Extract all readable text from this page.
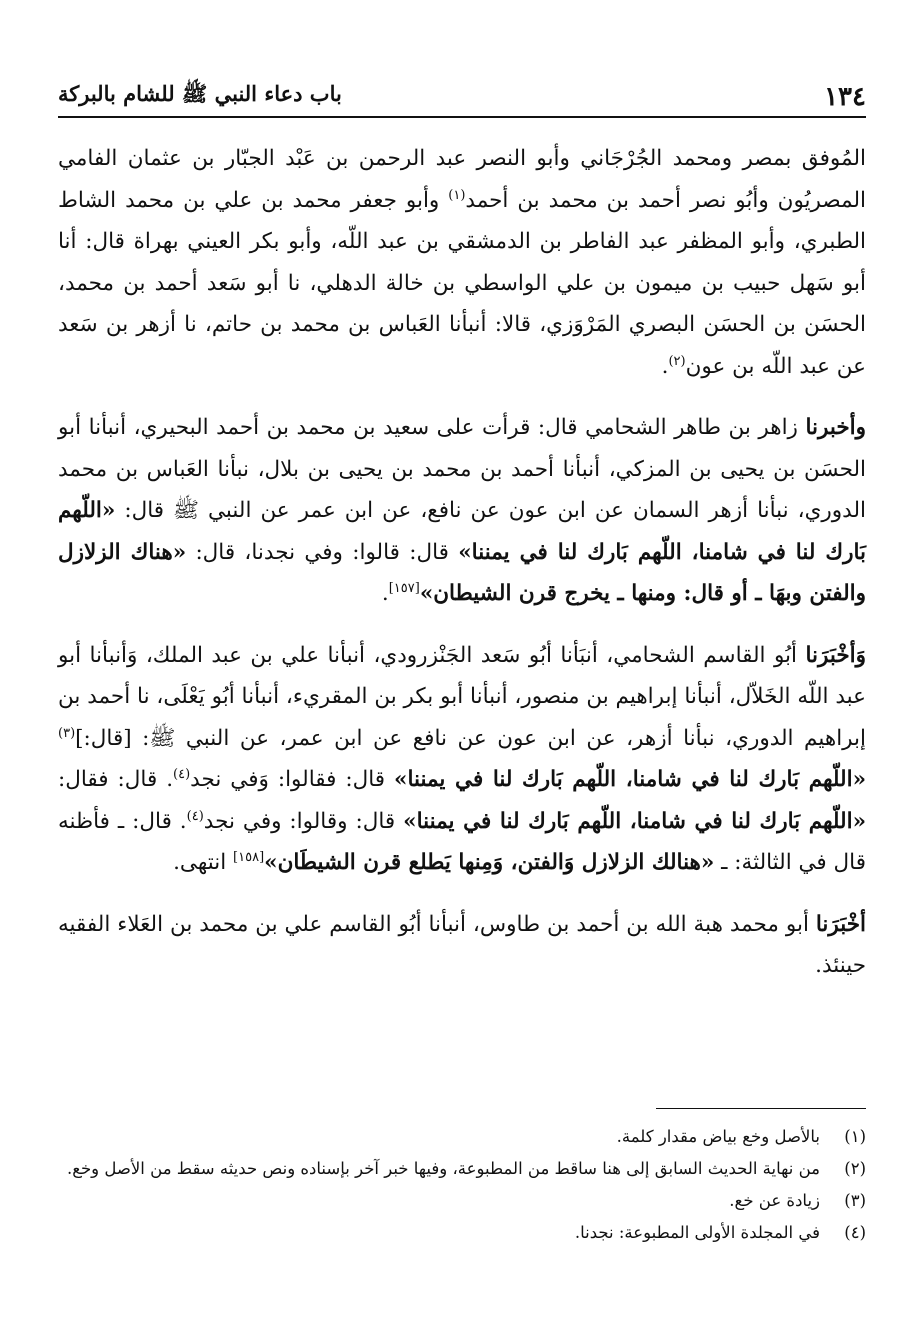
١٣٤
باب دعاء النبي ﷺ للشام بالبركة

المُوفق بمصر ومحمد الجُرْجَاني وأبو النصر عبد الرحمن بن عَبْد الجبّار بن عثمان الفامي المصريُون وأبُو نصر أحمد بن محمد بن أحمد$^{(١)}$ وأبو جعفر محمد بن علي بن محمد الشاط الطبري، وأبو المظفر عبد الفاطر بن الدمشقي بن عبد اللّه، وأبو بكر العيني بهراة قال: أنا أبو سَهل حبيب بن ميمون بن علي الواسطي بن خالة الدهلي، نا أبو سَعد أحمد بن محمد، الحسَن بن الحسَن البصري المَرْوَزي، قالا: أنبأنا العَباس بن محمد بن حاتم، نا أزهر بن سَعد عن عبد اللّه بن عون$^{(٢)}$.

وأخبرنا زاهر بن طاهر الشحامي قال: قرأت على سعيد بن محمد بن أحمد البحيري، أنبأنا أبو الحسَن بن يحيى بن المزكي، أنبأنا أحمد بن محمد بن يحيى بن بلال، نبأنا العَباس بن محمد الدوري، نبأنا أزهر السمان عن ابن عون عن نافع، عن ابن عمر عن النبي ﷺ قال: «اللّهم بَارك لنا في شامنا، اللّهم بَارك لنا في يمننا» قال: قالوا: وفي نجدنا، قال: «هناك الزلازل والفتن وبهَا ـ أو قال: ومنها ـ يخرج قرن الشيطان»[١٥٧].

وَأخْبَرَنا أبُو القاسم الشحامي، أنبَأنا أبُو سَعد الجَنْزرودي، أنبأنا علي بن عبد الملك، وَأنبأنا أبو عبد اللّه الخَلاّل، أنبأنا إبراهيم بن منصور، أنبأنا أبو بكر بن المقريء، أنبأنا أبُو يَعْلَى، نا أحمد بن إبراهيم الدوري، نبأنا أزهر، عن ابن عون عن نافع عن ابن عمر، عن النبي ﷺ: [قال:]$^{(٣)}$ «اللّهم بَارك لنا في شامنا، اللّهم بَارك لنا في يمننا» قال: فقالوا: وَفي نجد$^{(٤)}$. قال: فقال: «اللّهم بَارك لنا في شامنا، اللّهم بَارك لنا في يمننا» قال: وقالوا: وفي نجد$^{(٤)}$. قال: ـ فأظنه قال في الثالثة: ـ «هنالك الزلازل وَالفتن، وَمِنها يَطلع قرن الشيطَان»[١٥٨] انتهى.

أخْبَرَنا أبو محمد هبة الله بن أحمد بن طاوس، أنبأنا أبُو القاسم علي بن محمد بن العَلاء الفقيه حينئذ.

(١)
بالأصل وخع بياض مقدار كلمة.
(٢)
من نهاية الحديث السابق إلى هنا ساقط من المطبوعة، وفيها خبر آخر بإسناده ونص حديثه سقط من الأصل وخع.
(٣)
زيادة عن خع.
(٤)
في المجلدة الأولى المطبوعة: نجدنا.
